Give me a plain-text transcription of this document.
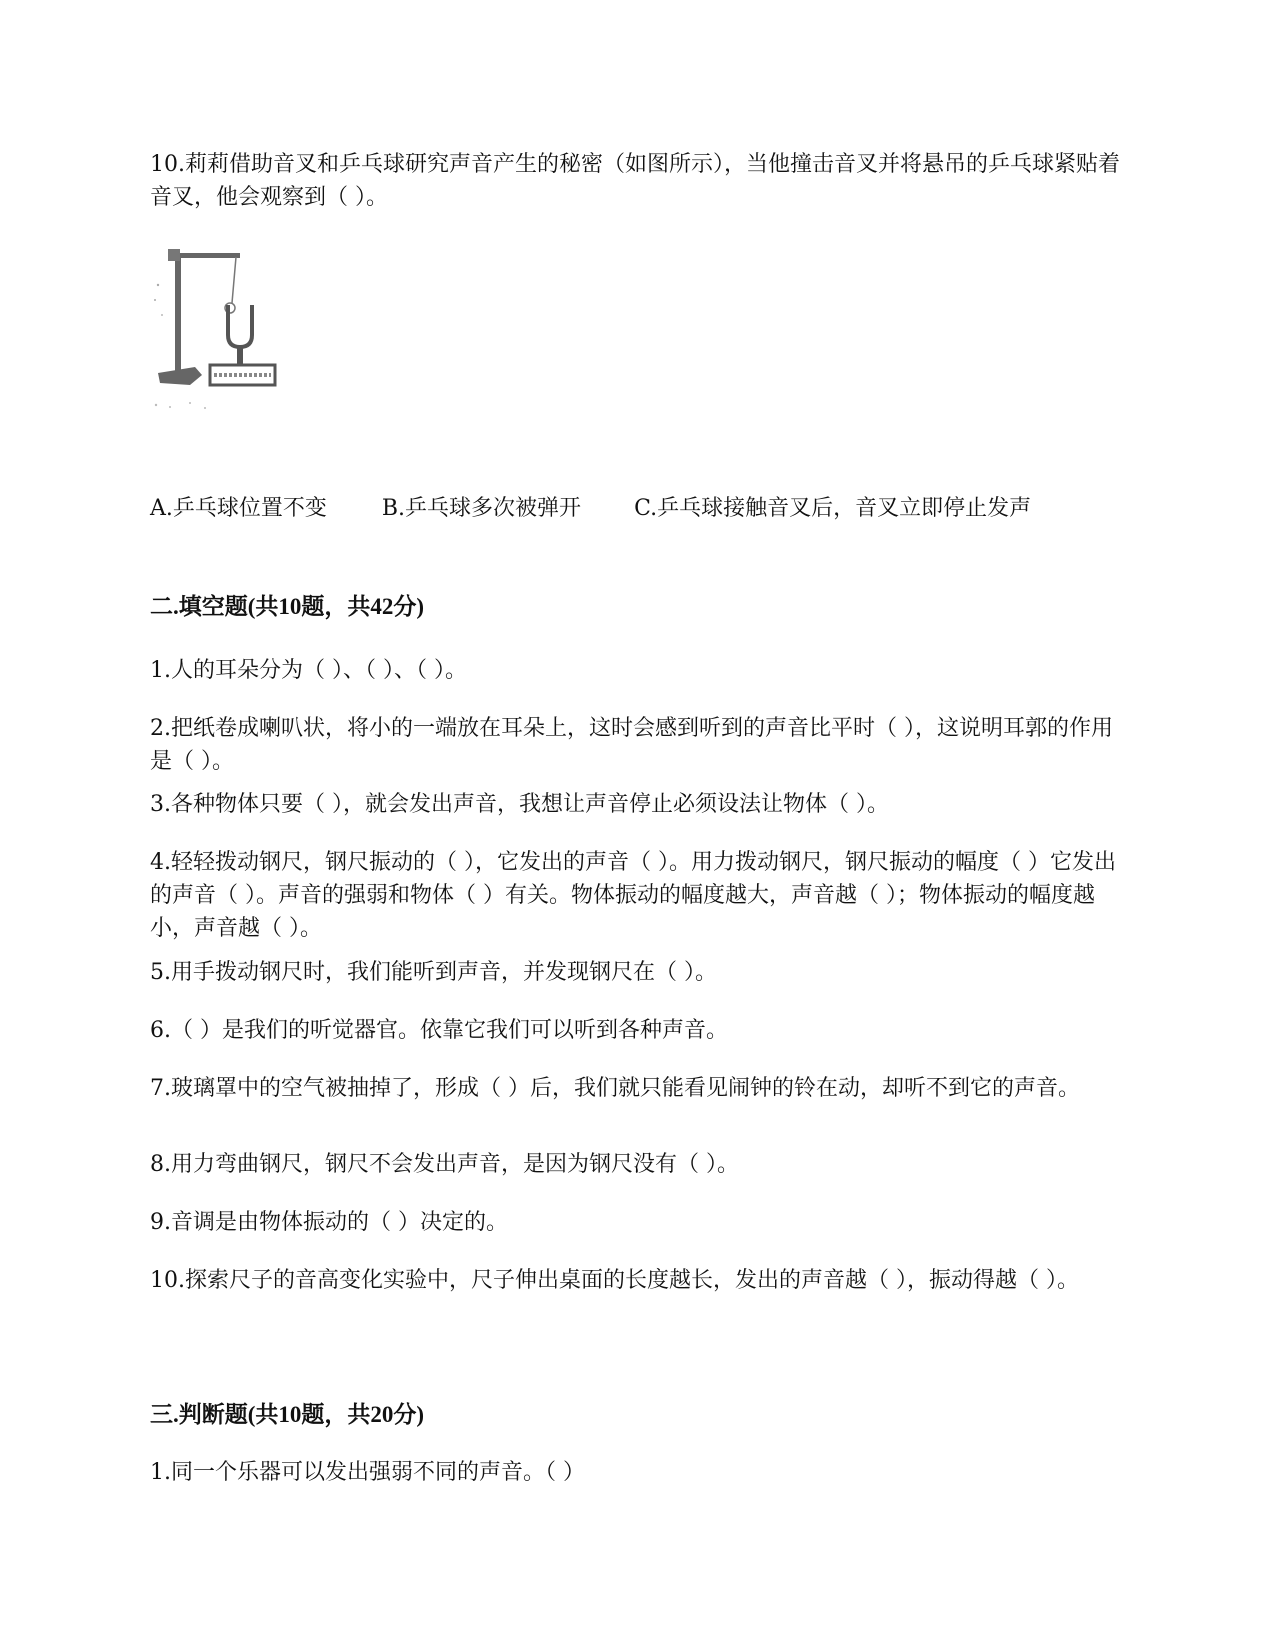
10.莉莉借助音叉和乒乓球研究声音产生的秘密（如图所示），当他撞击音叉并将悬吊的乒乓球紧贴着音叉，他会观察到（ ）。
A.乒乓球位置不变	B.乒乓球多次被弹开 C.乒乓球接触音叉后，音叉立即停止发声
二.填空题(共10题，共42分)
1.人的耳朵分为（ ）、（ ）、（ ）。
2.把纸卷成喇叭状，将小的一端放在耳朵上，这时会感到听到的声音比平时（ ），这说明耳郭的作用是（ ）。
3.各种物体只要（ ），就会发出声音，我想让声音停止必须设法让物体（ ）。
4.轻轻拨动钢尺，钢尺振动的（ ），它发出的声音（ ）。用力拨动钢尺，钢尺振动的幅度（ ）它发出的声音（ ）。声音的强弱和物体（ ）有关。物体振动的幅度越大，声音越（ ）；物体振动的幅度越小，声音越（ ）。
5.用手拨动钢尺时，我们能听到声音，并发现钢尺在（ ）。
6.（ ）是我们的听觉器官。依靠它我们可以听到各种声音。
7.玻璃罩中的空气被抽掉了，形成（ ）后，我们就只能看见闹钟的铃在动，却听不到它的声音。
8.用力弯曲钢尺，钢尺不会发出声音，是因为钢尺没有（ ）。
9.音调是由物体振动的（ ）决定的。
10.探索尺子的音高变化实验中，尺子伸出桌面的长度越长，发出的声音越（ ），振动得越（ ）。
三.判断题(共10题，共20分)
1.同一个乐器可以发出强弱不同的声音。（ ）
